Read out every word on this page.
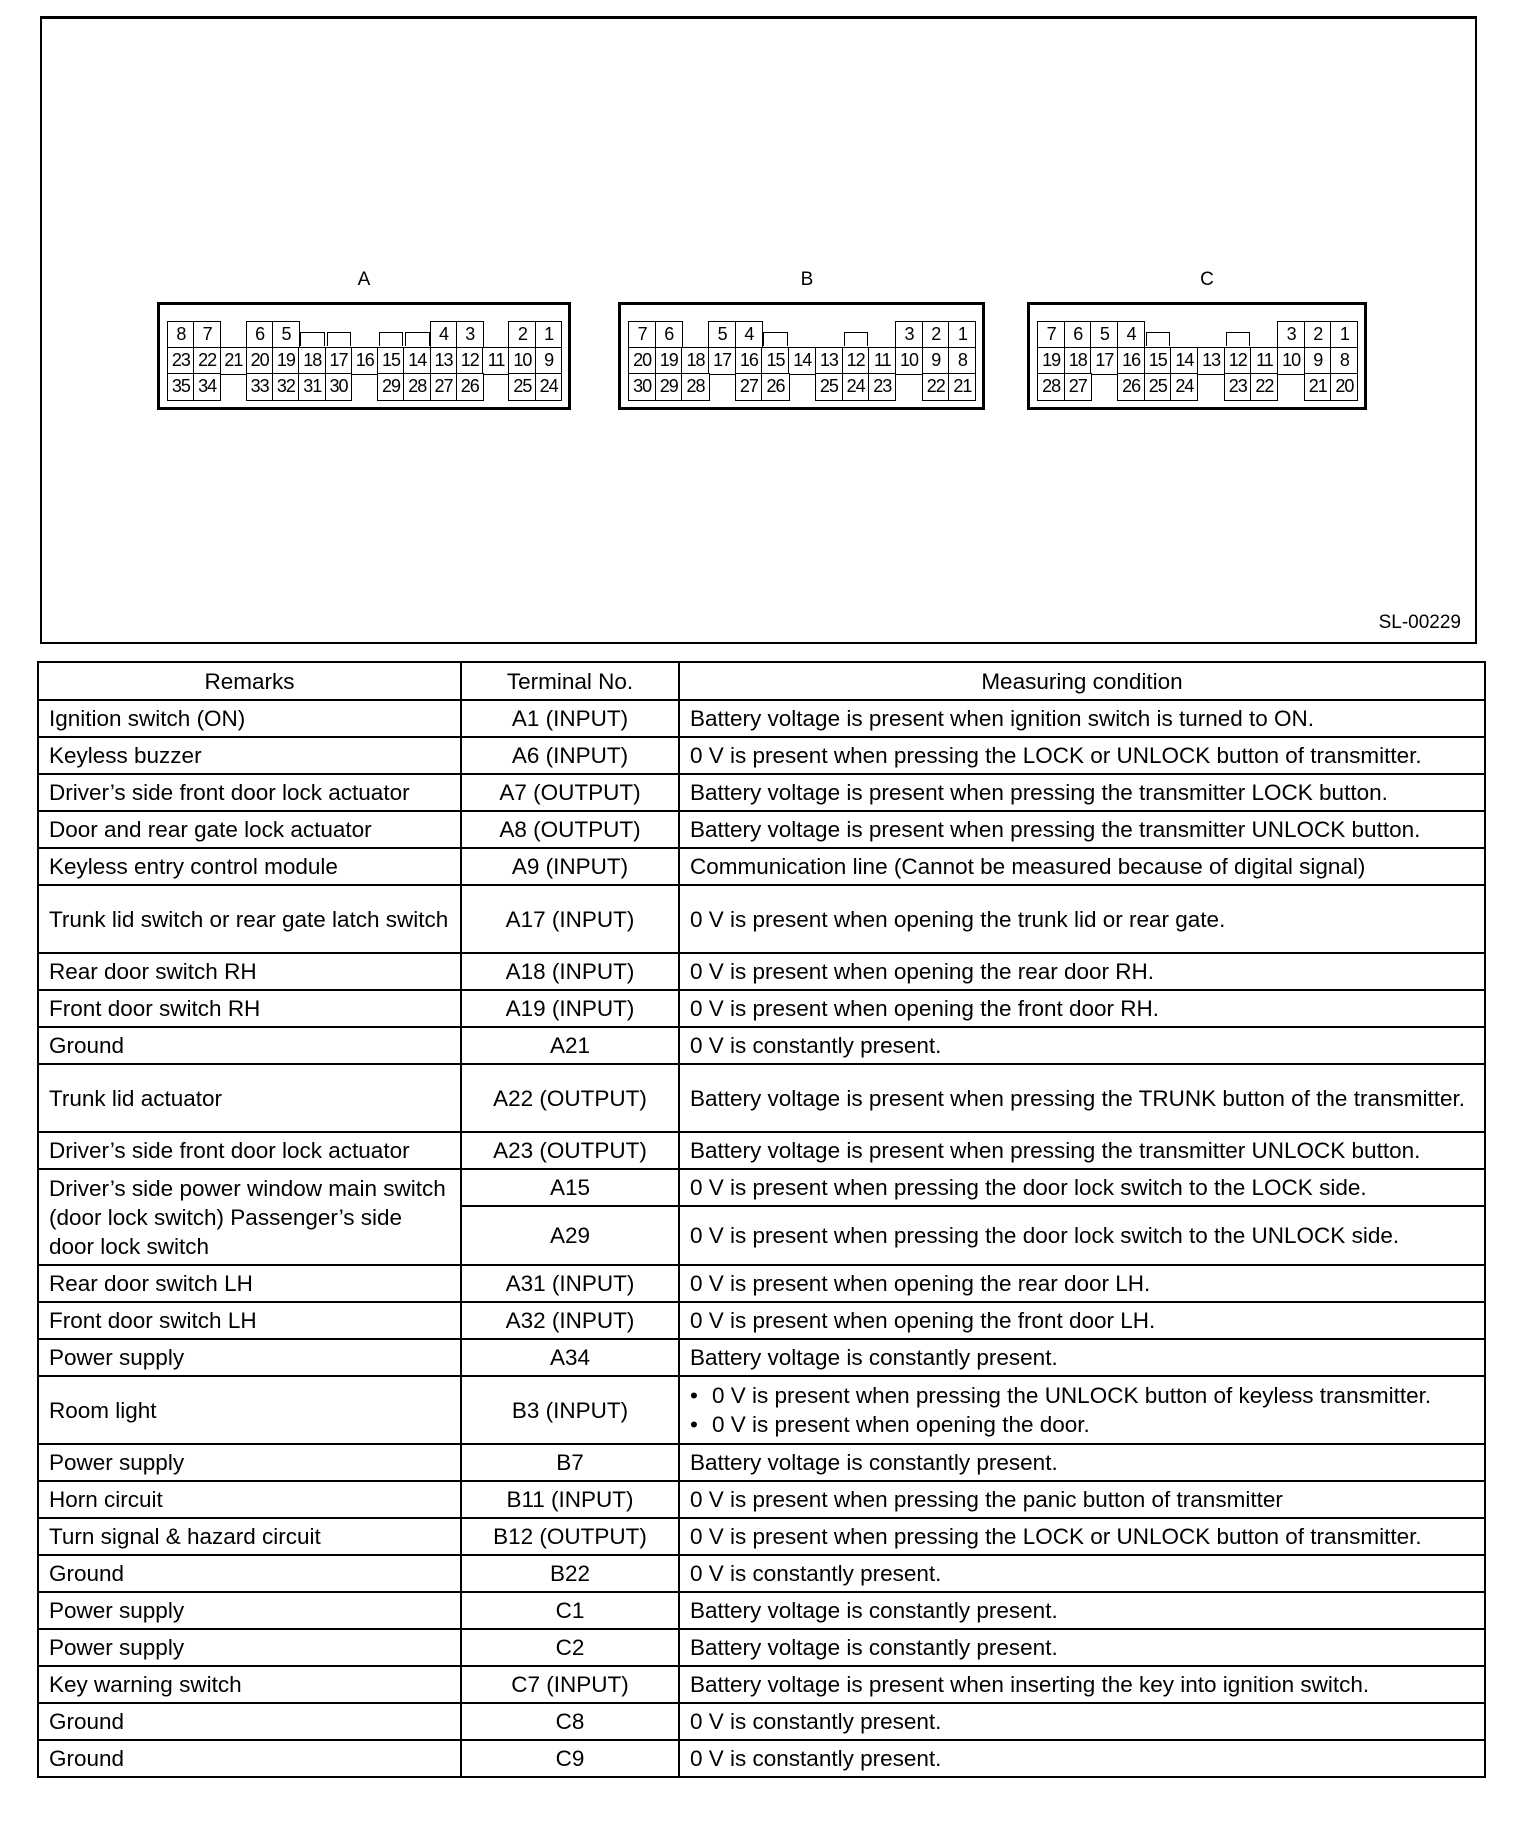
A	B	C
8 7	6 5	4 3	2 1
23 22 21 20 19 18 17 16 15 14 13 12 11 10 9
35 34 33 32 31 30 29 28 27 26 25 24
7 6	5 4	3 2 1
20 19 18 17 16 15 14 13 12 11 10 9 8
30 29 28 27 26 25 24 23 22 21
7 6 5 4	3 2 1
19 18 17 16 15 14 13 12 11 10 9 8
28 27 26 25 24 23 22 21 20
SL-00229
Remarks	Terminal No.	Measuring condition
Ignition switch (ON)	A1 (INPUT)	Battery voltage is present when ignition switch is turned to ON.
Keyless buzzer	A6 (INPUT)	0 V is present when pressing the LOCK or UNLOCK button of transmitter.
Driver’s side front door lock actuator	A7 (OUTPUT)	Battery voltage is present when pressing the transmitter LOCK button.
Door and rear gate lock actuator	A8 (OUTPUT)	Battery voltage is present when pressing the transmitter UNLOCK button.
Keyless entry control module	A9 (INPUT)	Communication line (Cannot be measured because of digital signal)
Trunk lid switch or rear gate latch switch	A17 (INPUT)	0 V is present when opening the trunk lid or rear gate.
Rear door switch RH	A18 (INPUT)	0 V is present when opening the rear door RH.
Front door switch RH	A19 (INPUT)	0 V is present when opening the front door RH.
Ground	A21	0 V is constantly present.
Trunk lid actuator	A22 (OUTPUT)	Battery voltage is present when pressing the TRUNK button of the transmitter.
Driver’s side front door lock actuator	A23 (OUTPUT)	Battery voltage is present when pressing the transmitter UNLOCK button.
Driver’s side power window main switch (door lock switch) Passenger’s side door lock switch	A15	0 V is present when pressing the door lock switch to the LOCK side.
	A29	0 V is present when pressing the door lock switch to the UNLOCK side.
Rear door switch LH	A31 (INPUT)	0 V is present when opening the rear door LH.
Front door switch LH	A32 (INPUT)	0 V is present when opening the front door LH.
Power supply	A34	Battery voltage is constantly present.
Room light	B3 (INPUT)	
• 0 V is present when pressing the UNLOCK button of keyless transmitter.
• 0 V is present when opening the door.

Power supply	B7	Battery voltage is constantly present.
Horn circuit	B11 (INPUT)	0 V is present when pressing the panic button of transmitter
Turn signal & hazard circuit	B12 (OUTPUT)	0 V is present when pressing the LOCK or UNLOCK button of transmitter.
Ground	B22	0 V is constantly present.
Power supply	C1	Battery voltage is constantly present.
Power supply	C2	Battery voltage is constantly present.
Key warning switch	C7 (INPUT)	Battery voltage is present when inserting the key into ignition switch.
Ground	C8	0 V is constantly present.
Ground	C9	0 V is constantly present.
